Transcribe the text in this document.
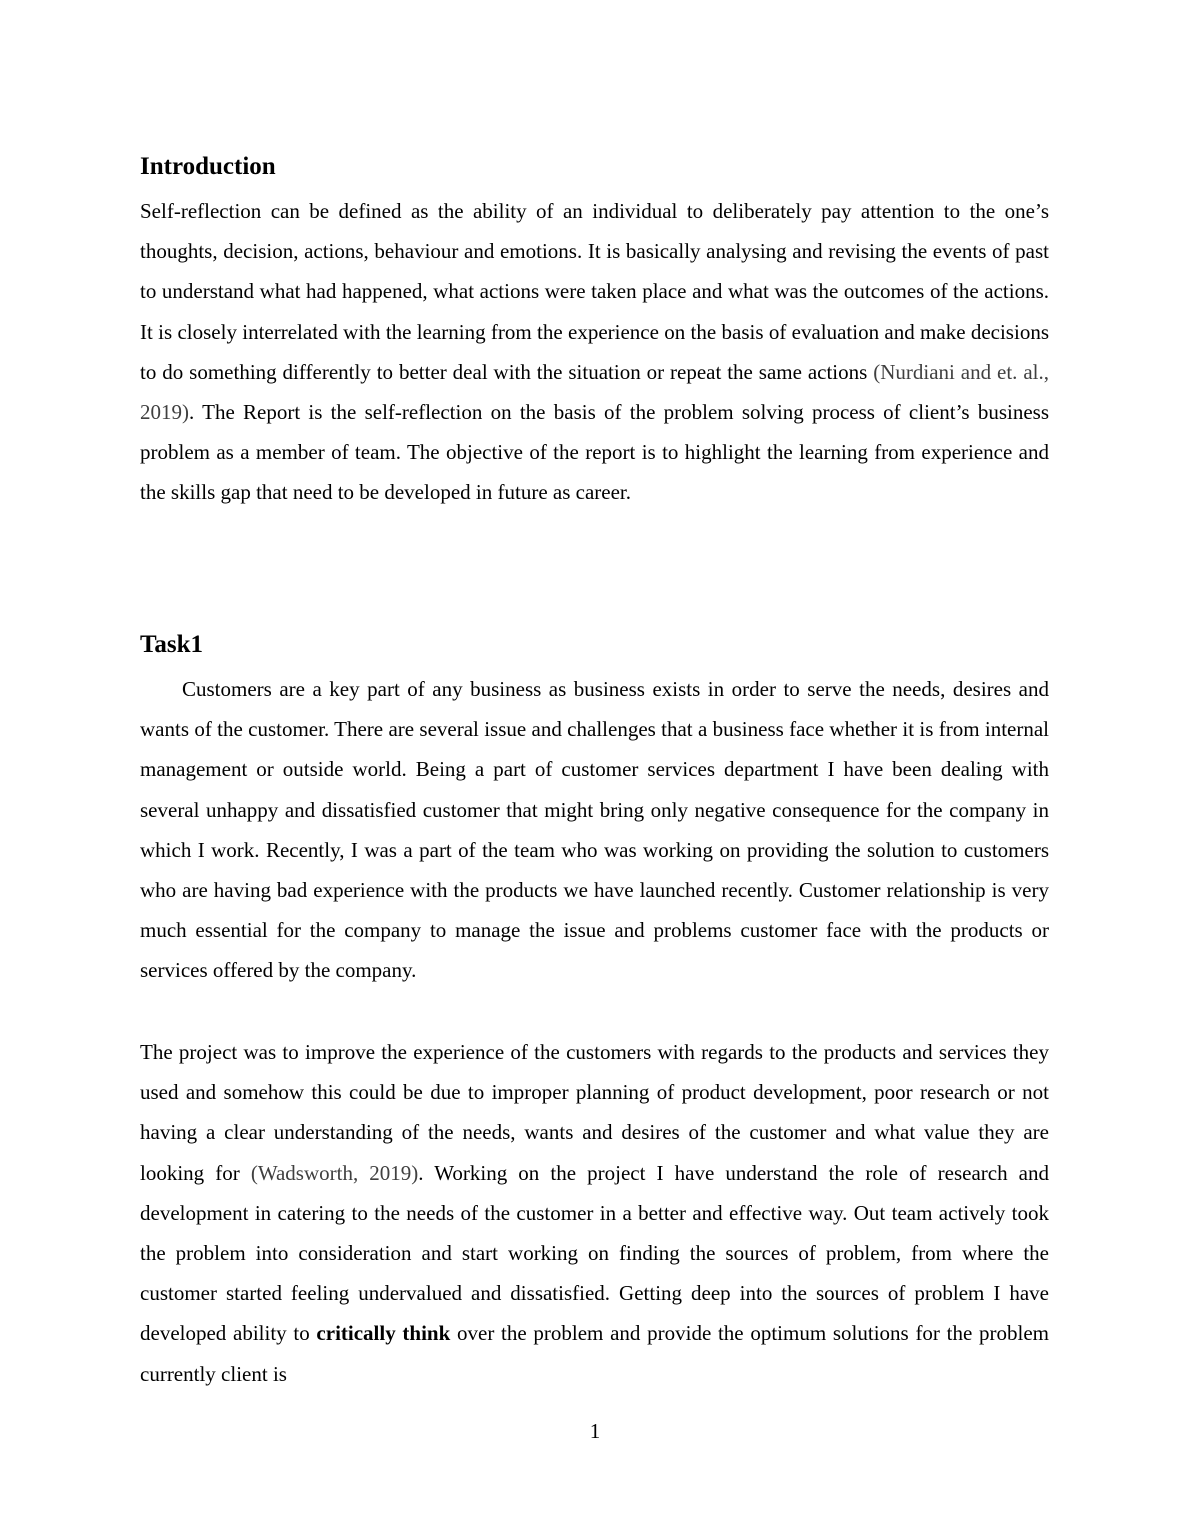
Introduction

Self-reflection can be defined as the ability of an individual to deliberately pay attention to the one’s thoughts, decision, actions, behaviour and emotions. It is basically analysing and revising the events of past to understand what had happened, what actions were taken place and what was the outcomes of the actions. It is closely interrelated with the learning from the experience on the basis of evaluation and make decisions to do something differently to better deal with the situation or repeat the same actions (Nurdiani and et. al., 2019). The Report is the self-reflection on the basis of the problem solving process of client’s business problem as a member of team. The objective of the report is to highlight the learning from experience and the skills gap that need to be developed in future as career.

Task1

Customers are a key part of any business as business exists in order to serve the needs, desires and wants of the customer. There are several issue and challenges that a business face whether it is from internal management or outside world. Being a part of customer services department I have been dealing with several unhappy and dissatisfied customer that might bring only negative consequence for the company in which I work. Recently, I was a part of the team who was working on providing the solution to customers who are having bad experience with the products we have launched recently. Customer relationship is very much essential for the company to manage the issue and problems customer face with the products or services offered by the company.

The project was to improve the experience of the customers with regards to the products and services they used and somehow this could be due to improper planning of product development, poor research or not having a clear understanding of the needs, wants and desires of the customer and what value they are looking for (Wadsworth, 2019). Working on the project I have understand the role of research and development in catering to the needs of the customer in a better and effective way. Out team actively took the problem into consideration and start working on finding the sources of problem, from where the customer started feeling undervalued and dissatisfied. Getting deep into the sources of problem I have developed ability to critically think over the problem and provide the optimum solutions for the problem currently client is

1
